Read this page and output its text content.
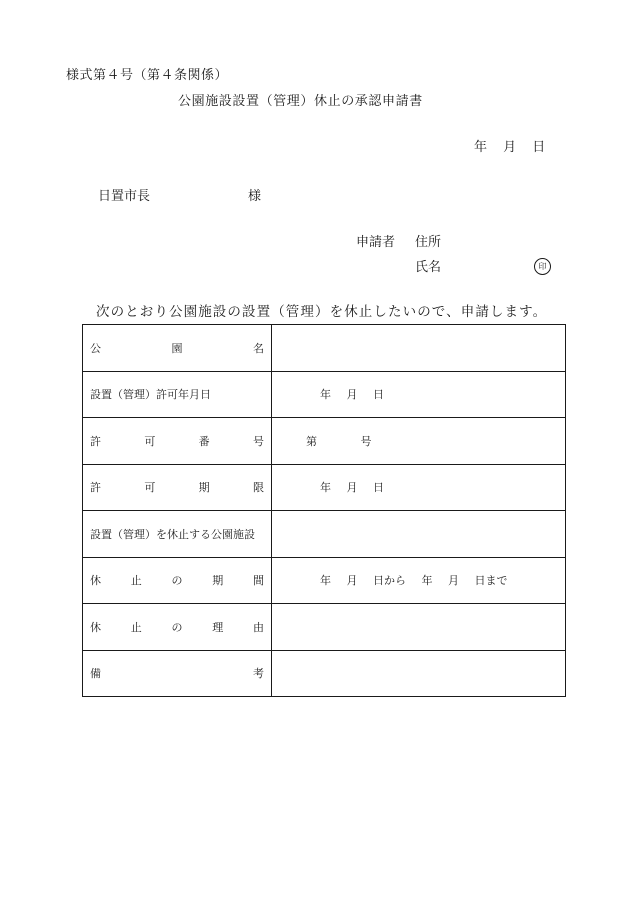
様式第４号（第４条関係）
公園施設設置（管理）休止の承認申請書
年 月 日
日置市長	様
申請者 住所
氏名	印
次のとおり公園施設の設置（管理）を休止したいので、申請します。
公 園 名	

設置（管理）許可年月日	年 月 日

許 可 番 号	第 号

許 可 期 限	年 月 日
設置（管理）を休止する公園施設	

休 止 の 期 間	年 月 日から 年 月 日まで

休 止 の 理 由	

備 考	
